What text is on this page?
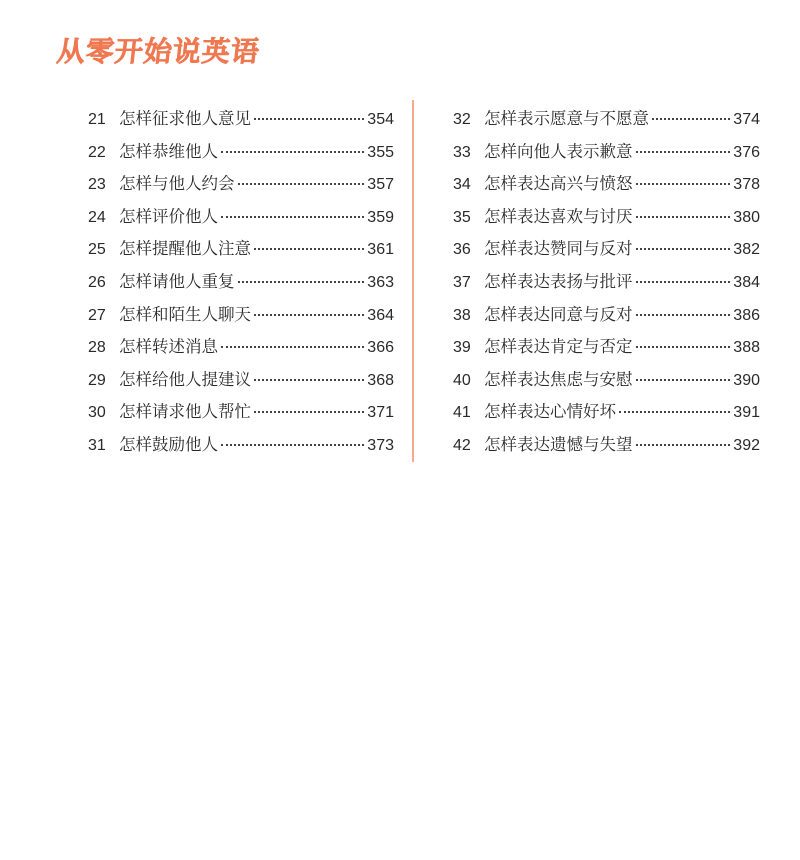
从零开始说英语
21 怎样征求他人意见	354
22 怎样恭维他人	355
23 怎样与他人约会	357
24 怎样评价他人	359
25 怎样提醒他人注意	361
26 怎样请他人重复	363
27 怎样和陌生人聊天	364
28 怎样转述消息	366
29 怎样给他人提建议	368
30 怎样请求他人帮忙	371
31 怎样鼓励他人	373
32 怎样表示愿意与不愿意	374
33 怎样向他人表示歉意	376
34 怎样表达高兴与愤怒	378
35 怎样表达喜欢与讨厌	380
36 怎样表达赞同与反对	382
37 怎样表达表扬与批评	384
38 怎样表达同意与反对	386
39 怎样表达肯定与否定	388
40 怎样表达焦虑与安慰	390
41 怎样表达心情好坏	391
42 怎样表达遗憾与失望	392
